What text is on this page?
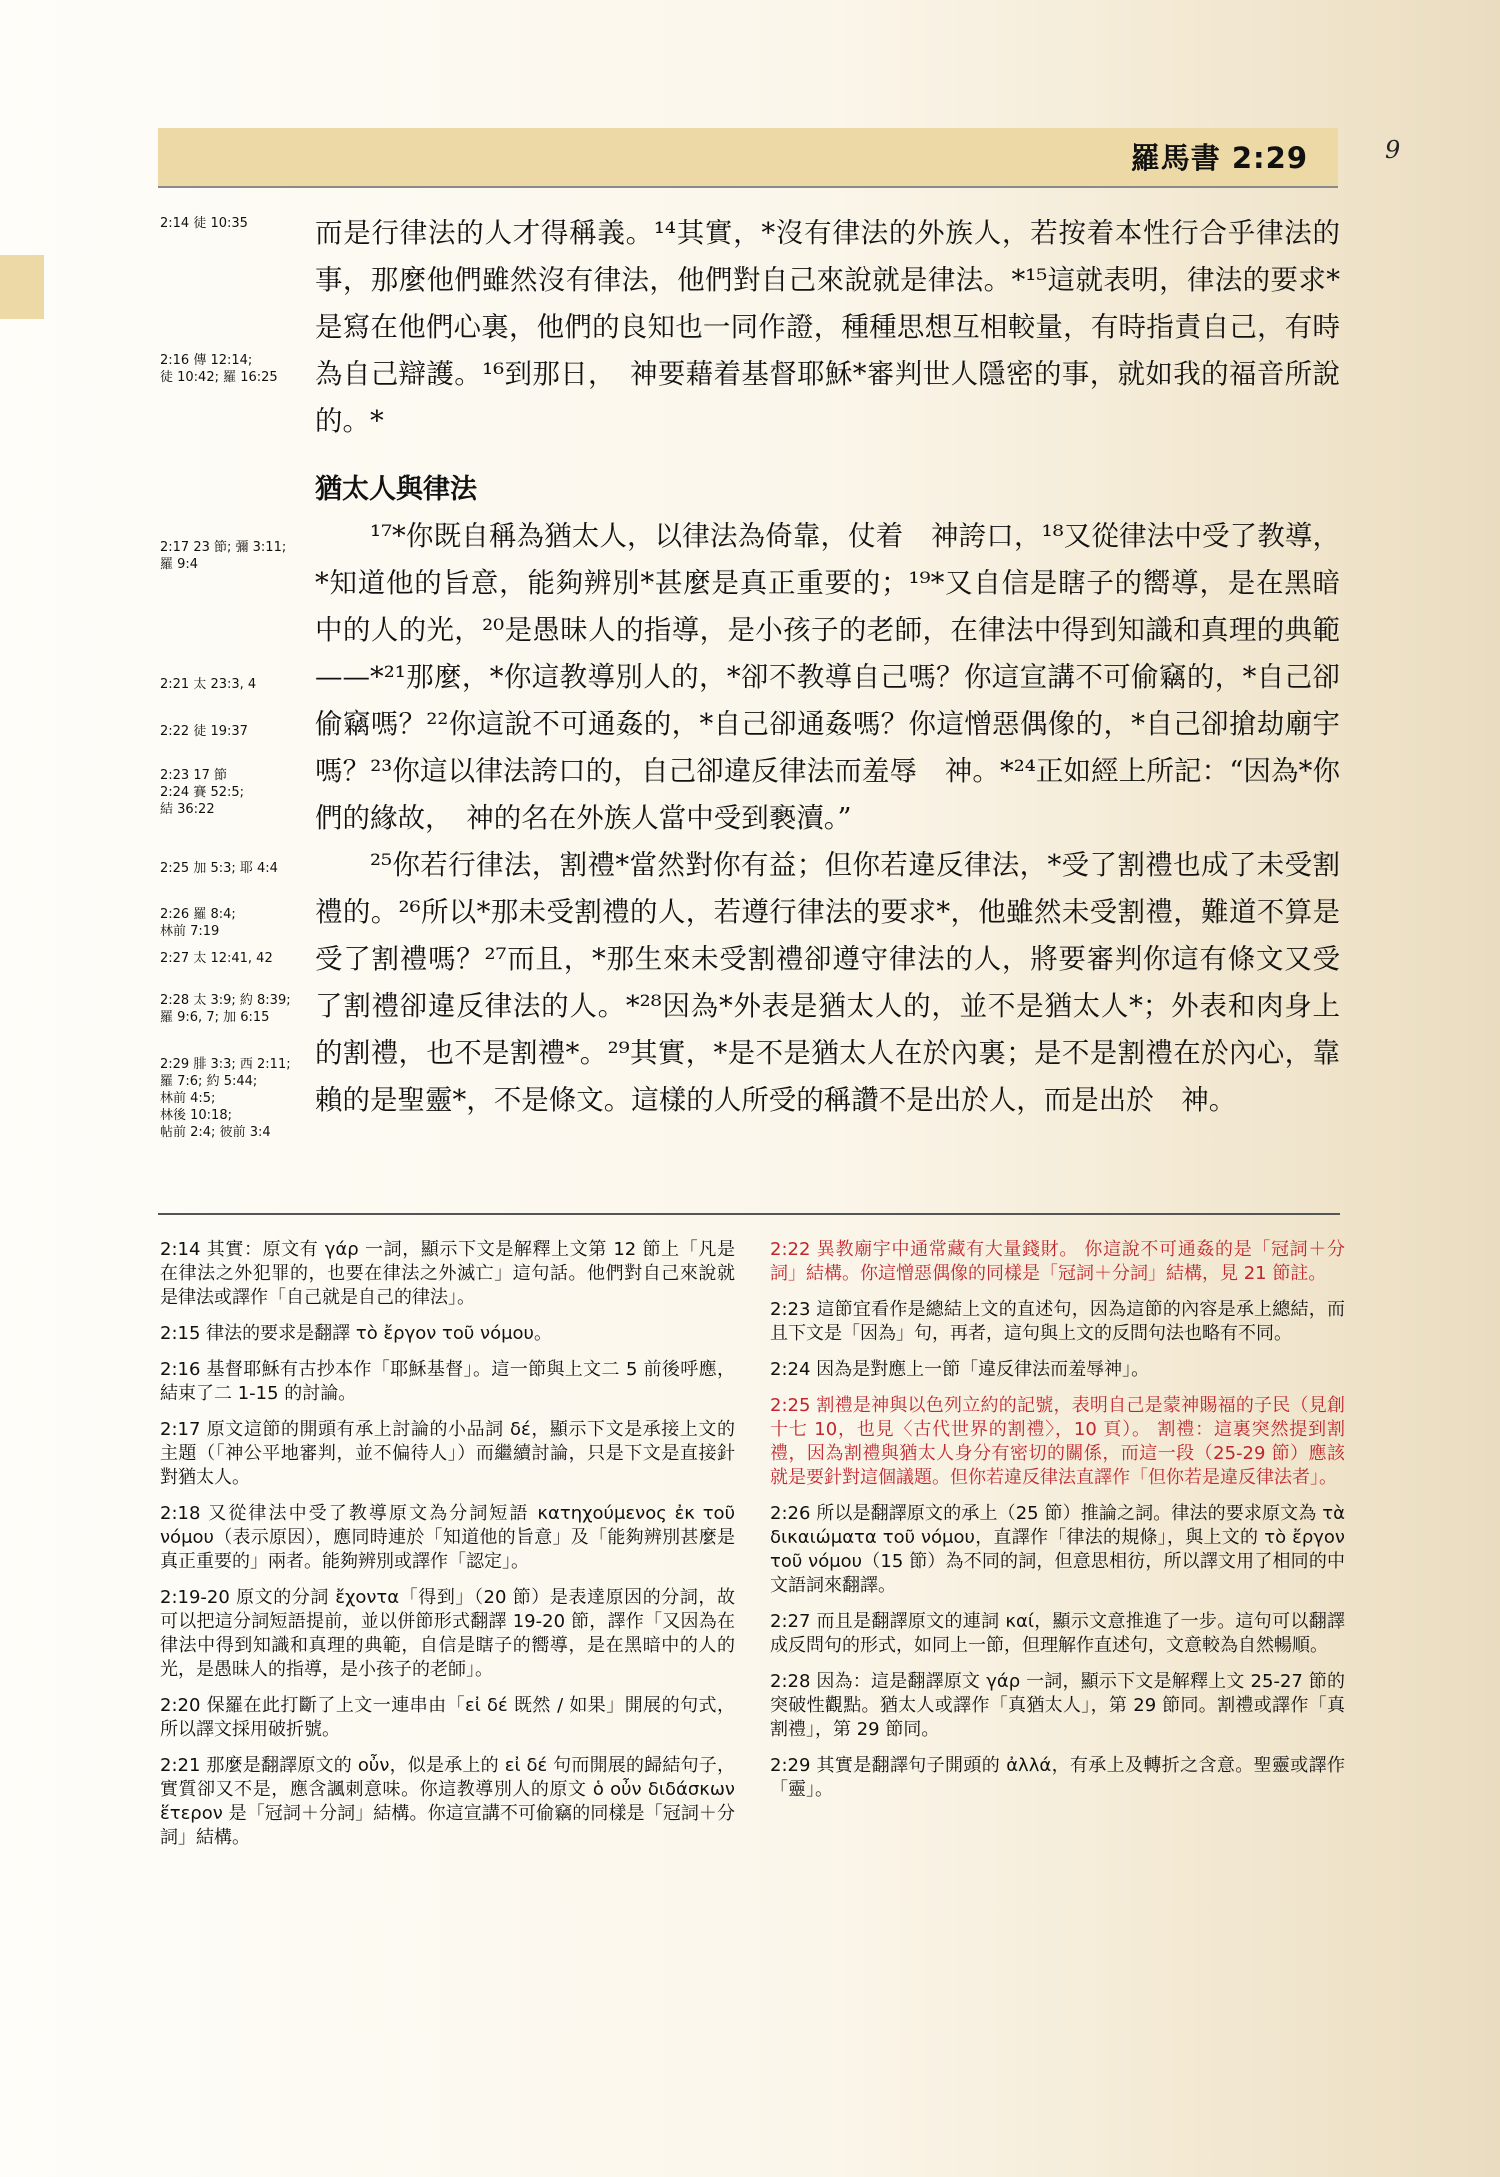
羅馬書 2:29	9
2:14 徒 10:35
2:16 傳 12:14;
徒 10:42; 羅 16:25
2:17 23 節; 彌 3:11;
羅 9:4
2:21 太 23:3, 4
2:22 徒 19:37
2:23 17 節
2:24 賽 52:5;
結 36:22
2:25 加 5:3; 耶 4:4
2:26 羅 8:4;
林前 7:19
2:27 太 12:41, 42
2:28 太 3:9; 約 8:39;
羅 9:6, 7; 加 6:15
2:29 腓 3:3; 西 2:11;
羅 7:6; 約 5:44;
林前 4:5;
林後 10:18;
帖前 2:4; 彼前 3:4

而是行律法的人才得稱義。¹⁴其實，*沒有律法的外族人，若按着本性行合乎律法的事，那麼他們雖然沒有律法，他們對自己來說就是律法。*¹⁵這就表明，律法的要求*是寫在他們心裏，他們的良知也一同作證，種種思想互相較量，有時指責自己，有時為自己辯護。¹⁶到那日，　神要藉着基督耶穌*審判世人隱密的事，就如我的福音所說的。*

猶太人與律法

¹⁷*你既自稱為猶太人，以律法為倚靠，仗着　神誇口，¹⁸又從律法中受了教導，*知道他的旨意，能夠辨別*甚麼是真正重要的；¹⁹*又自信是瞎子的嚮導，是在黑暗中的人的光，²⁰是愚昧人的指導，是小孩子的老師，在律法中得到知識和真理的典範——*²¹那麼，*你這教導別人的，*卻不教導自己嗎？你這宣講不可偷竊的，*自己卻偷竊嗎？²²你這說不可通姦的，*自己卻通姦嗎？你這憎惡偶像的，*自己卻搶劫廟宇嗎？²³你這以律法誇口的，自己卻違反律法而羞辱　神。*²⁴正如經上所記：“因為*你們的緣故，　神的名在外族人當中受到褻瀆。”

²⁵你若行律法，割禮*當然對你有益；但你若違反律法，*受了割禮也成了未受割禮的。²⁶所以*那未受割禮的人，若遵行律法的要求*，他雖然未受割禮，難道不算是受了割禮嗎？²⁷而且，*那生來未受割禮卻遵守律法的人，將要審判你這有條文又受了割禮卻違反律法的人。*²⁸因為*外表是猶太人的，並不是猶太人*；外表和肉身上的割禮，也不是割禮*。²⁹其實，*是不是猶太人在於內裏；是不是割禮在於內心，靠賴的是聖靈*，不是條文。這樣的人所受的稱讚不是出於人，而是出於　神。

2:14 其實：原文有 γάρ 一詞，顯示下文是解釋上文第 12 節上「凡是在律法之外犯罪的，也要在律法之外滅亡」這句話。他們對自己來說就是律法或譯作「自己就是自己的律法」。

2:15 律法的要求是翻譯 τὸ ἔργον τοῦ νόμου。

2:16 基督耶穌有古抄本作「耶穌基督」。這一節與上文二 5 前後呼應，結束了二 1-15 的討論。

2:17 原文這節的開頭有承上討論的小品詞 δέ，顯示下文是承接上文的主題（「神公平地審判，並不偏待人」）而繼續討論，只是下文是直接針對猶太人。

2:18 又從律法中受了教導原文為分詞短語 κατηχούμενος ἐκ τοῦ νόμου（表示原因），應同時連於「知道他的旨意」及「能夠辨別甚麼是真正重要的」兩者。能夠辨別或譯作「認定」。

2:19-20 原文的分詞 ἔχοντα「得到」（20 節）是表達原因的分詞，故可以把這分詞短語提前，並以併節形式翻譯 19-20 節，譯作「又因為在律法中得到知識和真理的典範，自信是瞎子的嚮導，是在黑暗中的人的光，是愚昧人的指導，是小孩子的老師」。

2:20 保羅在此打斷了上文一連串由「εἰ δέ 既然 / 如果」開展的句式，所以譯文採用破折號。

2:21 那麼是翻譯原文的 οὖν，似是承上的 εἰ δέ 句而開展的歸結句子，實質卻又不是，應含諷刺意味。你這教導別人的原文 ὁ οὖν διδάσκων ἕτερον 是「冠詞＋分詞」結構。你這宣講不可偷竊的同樣是「冠詞＋分詞」結構。

2:22 異教廟宇中通常藏有大量錢財。 你這說不可通姦的是「冠詞＋分詞」結構。你這憎惡偶像的同樣是「冠詞＋分詞」結構，見 21 節註。

2:23 這節宜看作是總結上文的直述句，因為這節的內容是承上總結，而且下文是「因為」句，再者，這句與上文的反問句法也略有不同。

2:24 因為是對應上一節「違反律法而羞辱神」。

2:25 割禮是神與以色列立約的記號，表明自己是蒙神賜福的子民（見創十七 10，也見〈古代世界的割禮〉，10 頁）。 割禮：這裏突然提到割禮，因為割禮與猶太人身分有密切的關係，而這一段（25-29 節）應該就是要針對這個議題。但你若違反律法直譯作「但你若是違反律法者」。

2:26 所以是翻譯原文的承上（25 節）推論之詞。律法的要求原文為 τὰ δικαιώματα τοῦ νόμου，直譯作「律法的規條」，與上文的 τὸ ἔργον τοῦ νόμου（15 節）為不同的詞，但意思相彷，所以譯文用了相同的中文語詞來翻譯。

2:27 而且是翻譯原文的連詞 καί，顯示文意推進了一步。這句可以翻譯成反問句的形式，如同上一節，但理解作直述句，文意較為自然暢順。

2:28 因為：這是翻譯原文 γάρ 一詞，顯示下文是解釋上文 25-27 節的突破性觀點。猶太人或譯作「真猶太人」，第 29 節同。割禮或譯作「真割禮」，第 29 節同。

2:29 其實是翻譯句子開頭的 ἀλλά，有承上及轉折之含意。聖靈或譯作「靈」。
